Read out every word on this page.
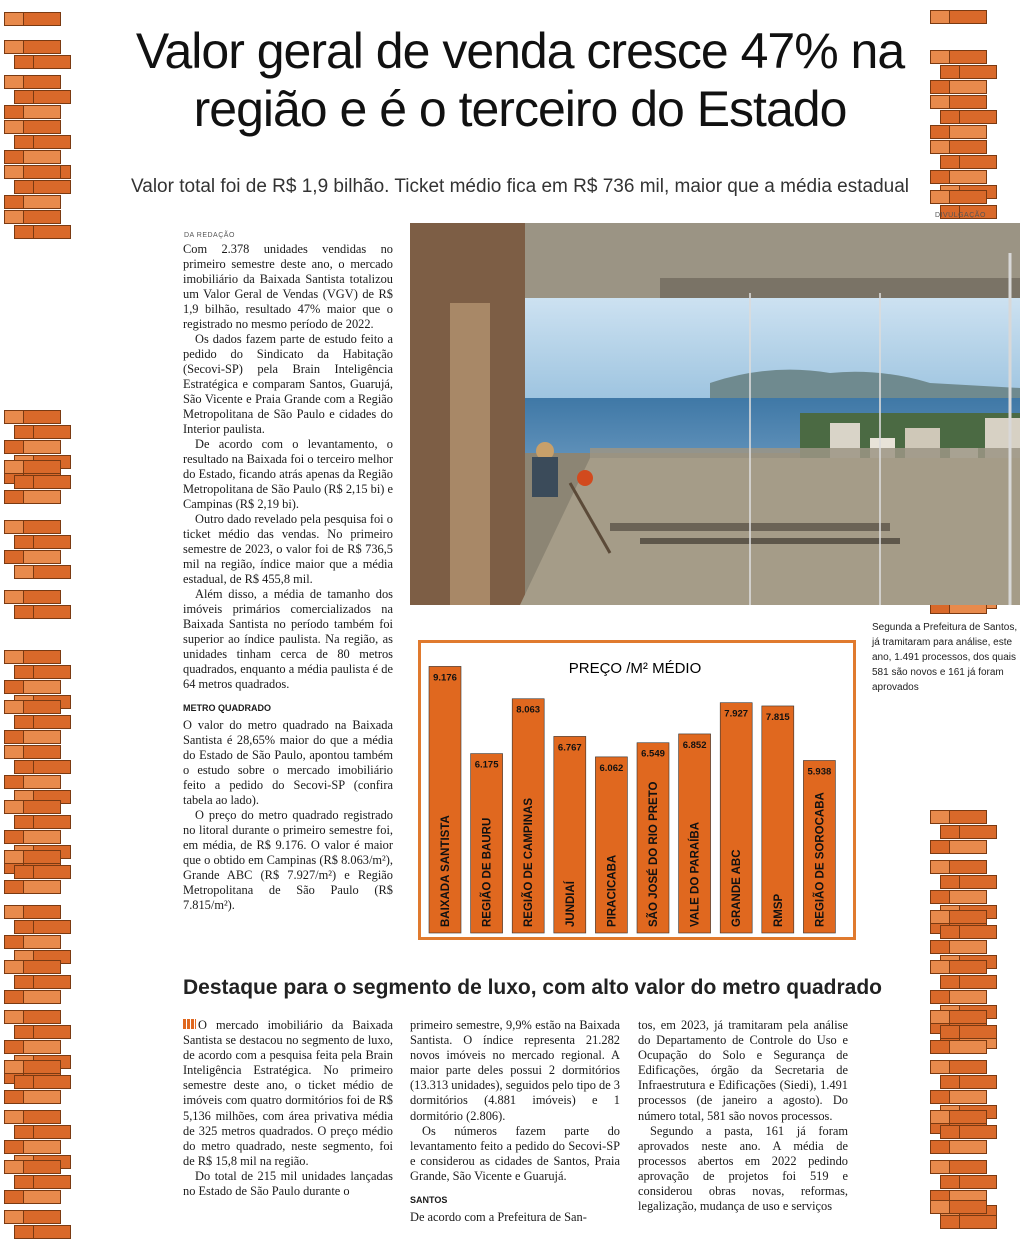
Valor geral de venda cresce 47% na região e é o terceiro do Estado

Valor total foi de R$ 1,9 bilhão. Ticket médio fica em R$ 736 mil, maior que a média estadual

DA REDAÇÃO
DIVULGAÇÃO

Com 2.378 unidades vendidas no primeiro semestre deste ano, o mercado imobiliário da Baixada Santista totalizou um Valor Geral de Vendas (VGV) de R$ 1,9 bilhão, resultado 47% maior que o registrado no mesmo período de 2022.

Os dados fazem parte de estudo feito a pedido do Sindicato da Habitação (Secovi-SP) pela Brain Inteligência Estratégica e comparam Santos, Guarujá, São Vicente e Praia Grande com a Região Metropolitana de São Paulo e cidades do Interior paulista.

De acordo com o levantamento, o resultado na Baixada foi o terceiro melhor do Estado, ficando atrás apenas da Região Metropolitana de São Paulo (R$ 2,15 bi) e Campinas (R$ 2,19 bi).

Outro dado revelado pela pesquisa foi o ticket médio das vendas. No primeiro semestre de 2023, o valor foi de R$ 736,5 mil na região, índice maior que a média estadual, de R$ 455,8 mil.

Além disso, a média de tamanho dos imóveis primários comercializados na Baixada Santista no período também foi superior ao índice paulista. Na região, as unidades tinham cerca de 80 metros quadrados, enquanto a média paulista é de 64 metros quadrados.

METRO QUADRADO

O valor do metro quadrado na Baixada Santista é 28,65% maior do que a média do Estado de São Paulo, apontou também o estudo sobre o mercado imobiliário feito a pedido do Secovi-SP (confira tabela ao lado).

O preço do metro quadrado registrado no litoral durante o primeiro semestre foi, em média, de R$ 9.176. O valor é maior que o obtido em Campinas (R$ 8.063/m²), Grande ABC (R$ 7.927/m²) e Região Metropolitana de São Paulo (R$ 7.815/m²).

Segunda a Prefeitura de Santos, já tramitaram para análise, este ano, 1.491 processos, dos quais 581 são novos e 161 já foram aprovados
PREÇO /M² MÉDIO
9.176
BAIXADA SANTISTA
6.175
REGIÃO DE BAURU
8.063
REGIÃO DE CAMPINAS
6.767
JUNDIAÍ
6.062
PIRACICABA
6.549
SÃO JOSÉ DO RIO PRETO
6.852
VALE DO PARAÍBA
7.927
GRANDE ABC
7.815
RMSP
5.938
REGIÃO DE SOROCABA
Destaque para o segmento de luxo, com alto valor do metro quadrado

O mercado imobiliário da Baixada Santista se destacou no segmento de luxo, de acordo com a pesquisa feita pela Brain Inteligência Estratégica. No primeiro semestre deste ano, o ticket médio de imóveis com quatro dormitórios foi de R$ 5,136 milhões, com área privativa média de 325 metros quadrados. O preço médio do metro quadrado, neste segmento, foi de R$ 15,8 mil na região.

Do total de 215 mil unidades lançadas no Estado de São Paulo durante o

primeiro semestre, 9,9% estão na Baixada Santista. O índice representa 21.282 novos imóveis no mercado regional. A maior parte deles possui 2 dormitórios (13.313 unidades), seguidos pelo tipo de 3 dormitórios (4.881 imóveis) e 1 dormitório (2.806).

Os números fazem parte do levantamento feito a pedido do Secovi-SP e considerou as cidades de Santos, Praia Grande, São Vicente e Guarujá.

SANTOS

De acordo com a Prefeitura de San-

tos, em 2023, já tramitaram pela análise do Departamento de Controle do Uso e Ocupação do Solo e Segurança de Edificações, órgão da Secretaria de Infraestrutura e Edificações (Siedi), 1.491 processos (de janeiro a agosto). Do número total, 581 são novos processos.

Segundo a pasta, 161 já foram aprovados neste ano. A média de processos abertos em 2022 pedindo aprovação de projetos foi 519 e considerou obras novas, reformas, legalização, mudança de uso e serviços
